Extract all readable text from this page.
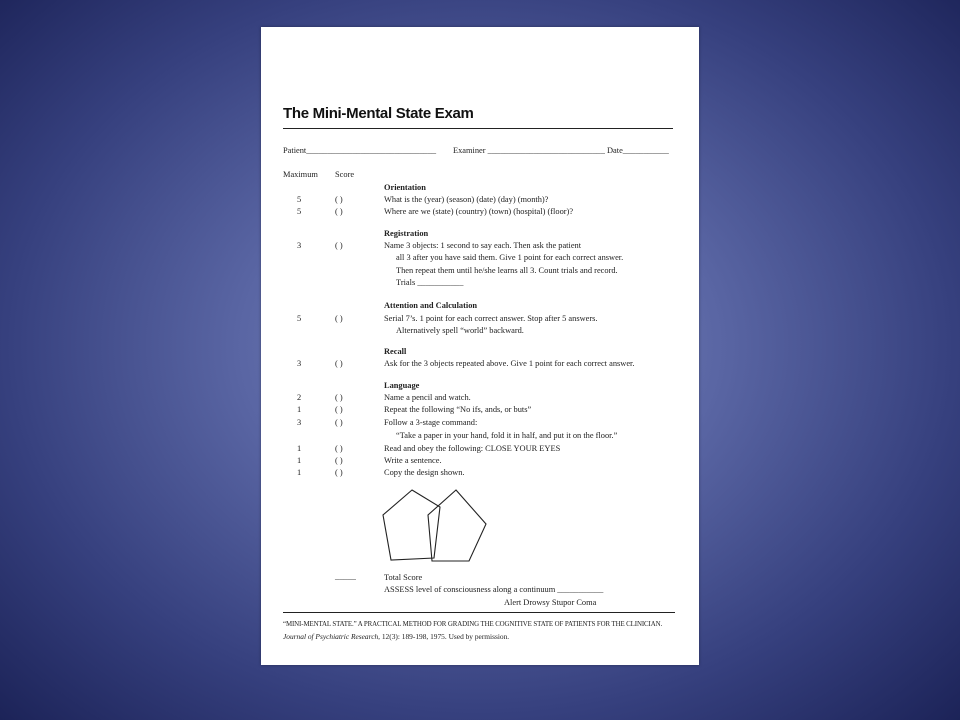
The Mini-Mental State Exam
Patient_______________________________ Examiner ____________________________ Date___________
Maximum Score
Orientation
5	( )	What is the (year) (season) (date) (day) (month)?
5	( )	Where are we (state) (country) (town) (hospital) (floor)?
Registration
3	( )	Name 3 objects: 1 second to say each. Then ask the patient
all 3 after you have said them. Give 1 point for each correct answer.
Then repeat them until he/she learns all 3. Count trials and record.
Trials ___________
Attention and Calculation
5	( )	Serial 7’s. 1 point for each correct answer. Stop after 5 answers.
Alternatively spell “world” backward.
Recall
3	( )	Ask for the 3 objects repeated above. Give 1 point for each correct answer.
Language
2	( )	Name a pencil and watch.
1	( )	Repeat the following “No ifs, ands, or buts”
3	( )	Follow a 3-stage command:
“Take a paper in your hand, fold it in half, and put it on the floor.”
1	( )	Read and obey the following: CLOSE YOUR EYES
1	( )	Write a sentence.
1	( )	Copy the design shown.
_____	Total Score
ASSESS level of consciousness along a continuum ___________
Alert Drowsy Stupor Coma
“MINI-MENTAL STATE.” A PRACTICAL METHOD FOR GRADING THE COGNITIVE STATE OF PATIENTS FOR THE CLINICIAN.
Journal of Psychiatric Research, 12(3): 189-198, 1975. Used by permission.
